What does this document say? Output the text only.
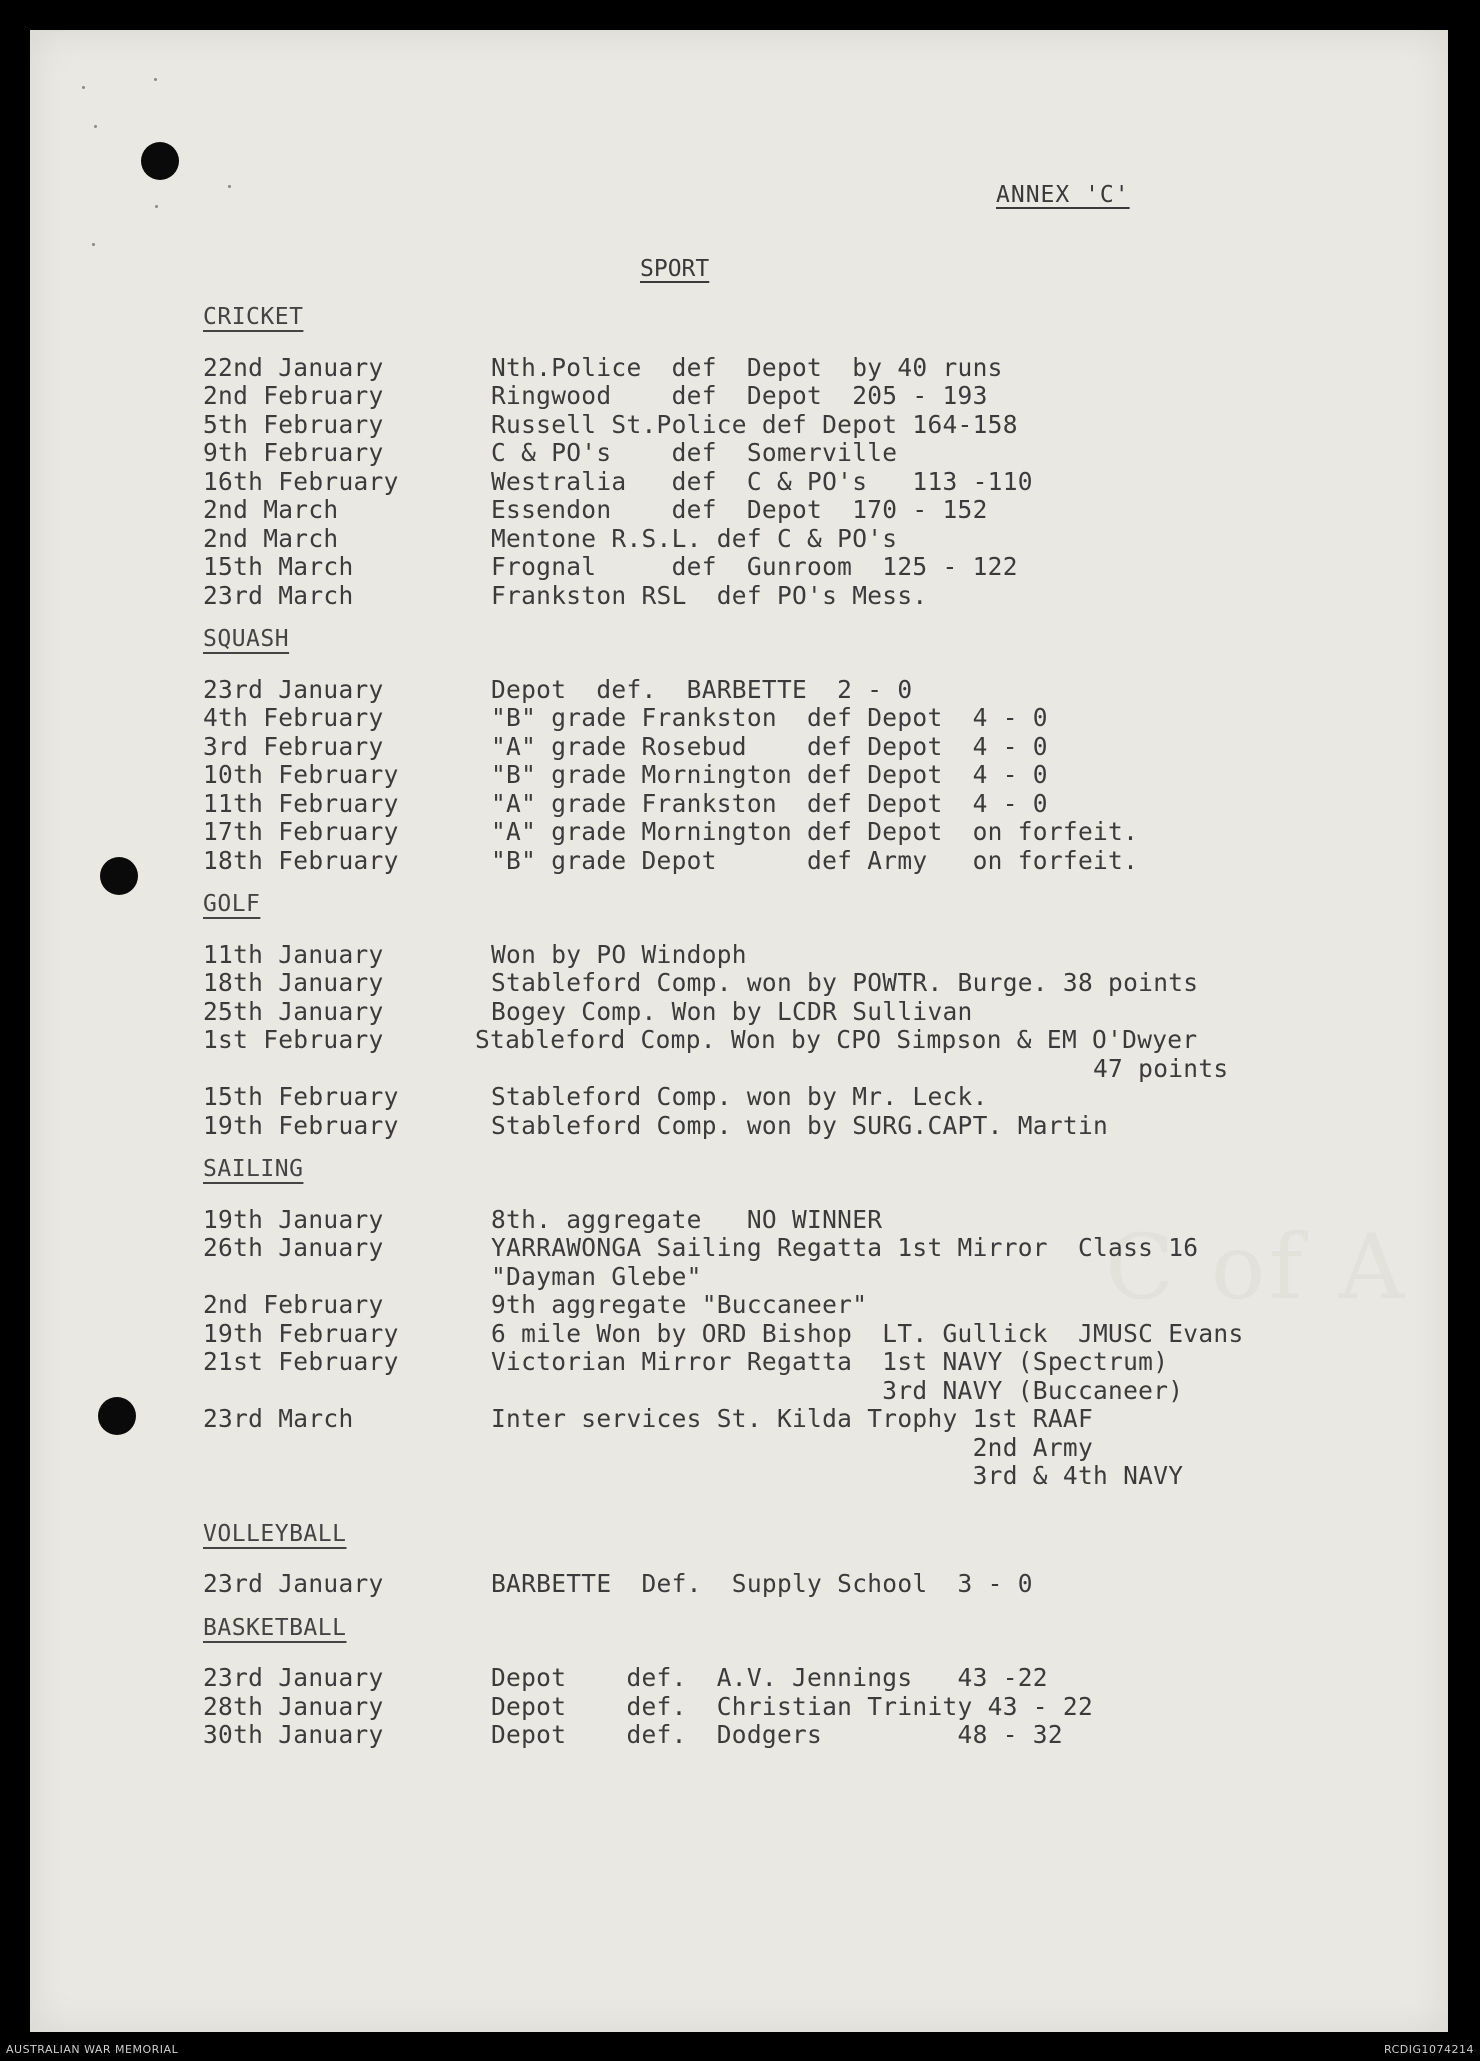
C of A
ANNEX 'C'
SPORT
CRICKET
22nd January	Nth.Police  def  Depot  by 40 runs
2nd February	Ringwood    def  Depot  205 - 193
5th February	Russell St.Police def Depot 164-158
9th February	C & PO's    def  Somerville
16th February	Westralia   def  C & PO's   113 -110
2nd March	Essendon    def  Depot  170 - 152
2nd March	Mentone R.S.L. def C & PO's
15th March	Frognal     def  Gunroom  125 - 122
23rd March	Frankston RSL  def PO's Mess.
SQUASH
23rd January	Depot  def.  BARBETTE  2 - 0
4th February	"B" grade Frankston  def Depot  4 - 0
3rd February	"A" grade Rosebud    def Depot  4 - 0
10th February	"B" grade Mornington def Depot  4 - 0
11th February	"A" grade Frankston  def Depot  4 - 0
17th February	"A" grade Mornington def Depot  on forfeit.
18th February	"B" grade Depot      def Army   on forfeit.
GOLF
11th January	Won by PO Windoph
18th January	Stableford Comp. won by POWTR. Burge. 38 points
25th January	Bogey Comp. Won by LCDR Sullivan
1st February	Stableford Comp. Won by CPO Simpson & EM O'Dwyer
47 points
15th February	Stableford Comp. won by Mr. Leck.
19th February	Stableford Comp. won by SURG.CAPT. Martin
SAILING
19th January	8th. aggregate   NO WINNER
26th January	YARRAWONGA Sailing Regatta 1st Mirror  Class 16
"Dayman Glebe"
2nd February	9th aggregate "Buccaneer"
19th February	6 mile Won by ORD Bishop  LT. Gullick  JMUSC Evans
21st February	Victorian Mirror Regatta  1st NAVY (Spectrum)
3rd NAVY (Buccaneer)
23rd March	Inter services St. Kilda Trophy 1st RAAF
2nd Army
3rd & 4th NAVY
VOLLEYBALL
23rd January	BARBETTE  Def.  Supply School  3 - 0
BASKETBALL
23rd January	Depot    def.  A.V. Jennings   43 -22
28th January	Depot    def.  Christian Trinity 43 - 22
30th January	Depot    def.  Dodgers         48 - 32
AUSTRALIAN WAR MEMORIAL	RCDIG1074214
